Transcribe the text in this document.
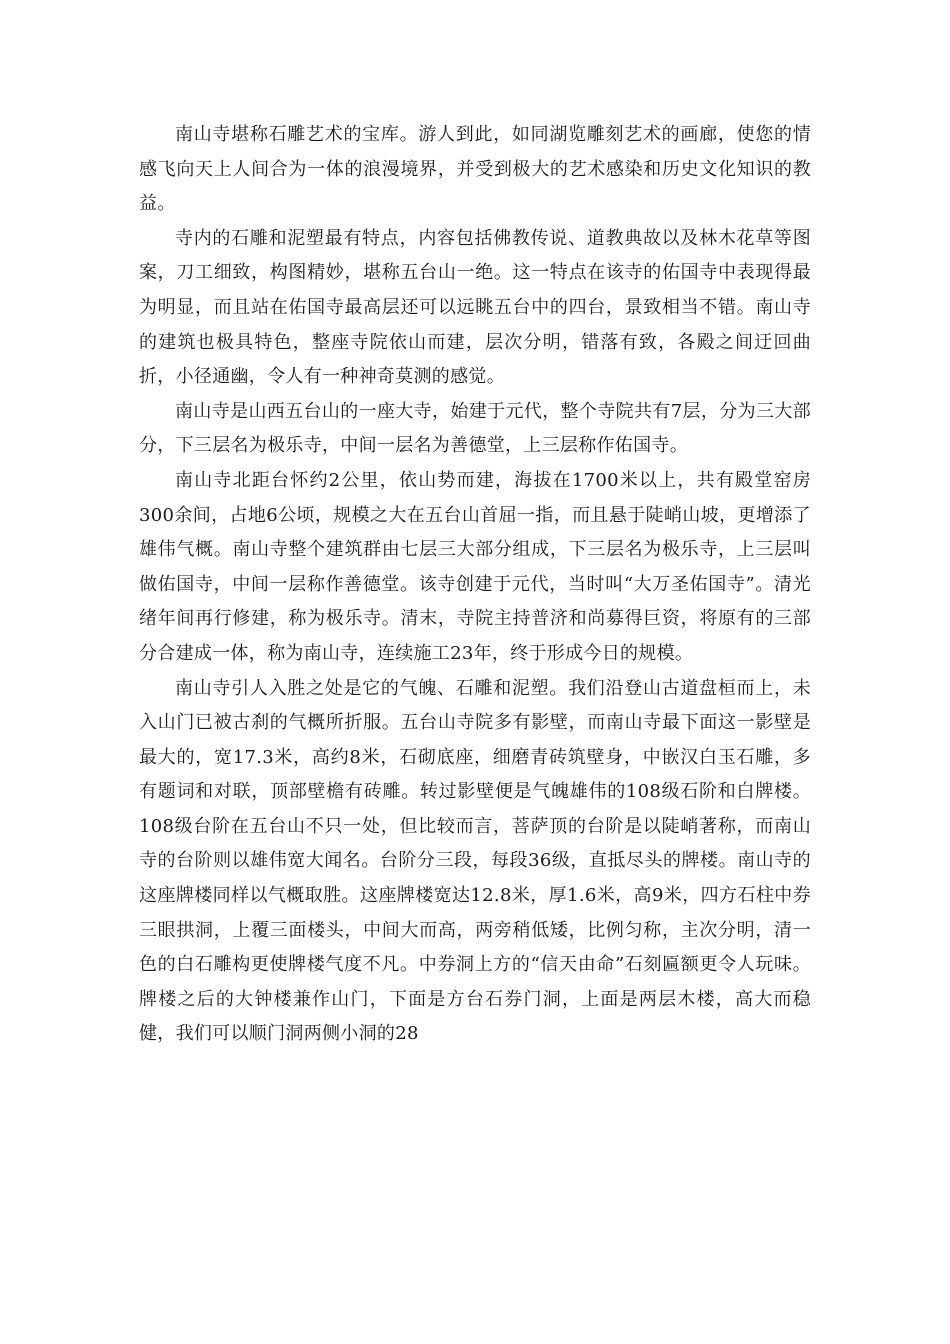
南山寺堪称石雕艺术的宝库。游人到此，如同湖览雕刻艺术的画廊，使您的情感飞向天上人间合为一体的浪漫境界，并受到极大的艺术感染和历史文化知识的教益。

寺内的石雕和泥塑最有特点，内容包括佛教传说、道教典故以及林木花草等图案，刀工细致，构图精妙，堪称五台山一绝。这一特点在该寺的佑国寺中表现得最为明显，而且站在佑国寺最高层还可以远眺五台中的四台，景致相当不错。南山寺的建筑也极具特色，整座寺院依山而建，层次分明，错落有致，各殿之间迂回曲折，小径通幽，令人有一种神奇莫测的感觉。

南山寺是山西五台山的一座大寺，始建于元代，整个寺院共有7层，分为三大部分，下三层名为极乐寺，中间一层名为善德堂，上三层称作佑国寺。

南山寺北距台怀约2公里，依山势而建，海拔在1700米以上，共有殿堂窑房300余间，占地6公顷，规模之大在五台山首屈一指，而且悬于陡峭山坡，更增添了雄伟气概。南山寺整个建筑群由七层三大部分组成，下三层名为极乐寺，上三层叫做佑国寺，中间一层称作善德堂。该寺创建于元代，当时叫“大万圣佑国寺”。清光绪年间再行修建，称为极乐寺。清末，寺院主持普济和尚募得巨资，将原有的三部分合建成一体，称为南山寺，连续施工23年，终于形成今日的规模。

南山寺引人入胜之处是它的气魄、石雕和泥塑。我们沿登山古道盘桓而上，未入山门已被古刹的气概所折服。五台山寺院多有影壁，而南山寺最下面这一影壁是最大的，宽17.3米，高约8米，石砌底座，细磨青砖筑壁身，中嵌汉白玉石雕，多有题词和对联，顶部壁檐有砖雕。转过影壁便是气魄雄伟的108级石阶和白牌楼。108级台阶在五台山不只一处，但比较而言，菩萨顶的台阶是以陡峭著称，而南山寺的台阶则以雄伟宽大闻名。台阶分三段，每段36级，直抵尽头的牌楼。南山寺的这座牌楼同样以气概取胜。这座牌楼宽达12.8米，厚1.6米，高9米，四方石柱中券三眼拱洞，上覆三面楼头，中间大而高，两旁稍低矮，比例匀称，主次分明，清一色的白石雕构更使牌楼气度不凡。中券洞上方的“信天由命”石刻匾额更令人玩味。牌楼之后的大钟楼兼作山门，下面是方台石券门洞，上面是两层木楼，高大而稳健，我们可以顺门洞两侧小洞的28
